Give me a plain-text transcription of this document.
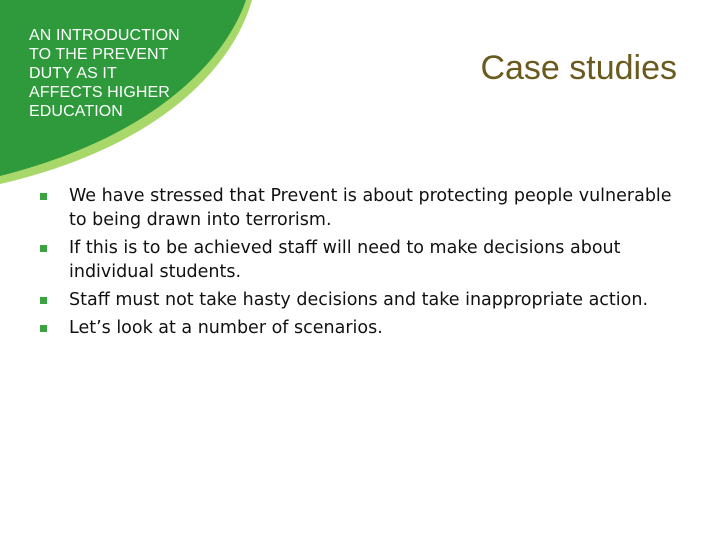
AN INTRODUCTION
TO THE PREVENT
DUTY AS IT
AFFECTS HIGHER
EDUCATION
Case studies
We have stressed that Prevent is about protecting people vulnerable to being drawn into terrorism.
If this is to be achieved staff will need to make decisions about individual students.
Staff must not take hasty decisions and take inappropriate action.
Let’s look at a number of scenarios.
